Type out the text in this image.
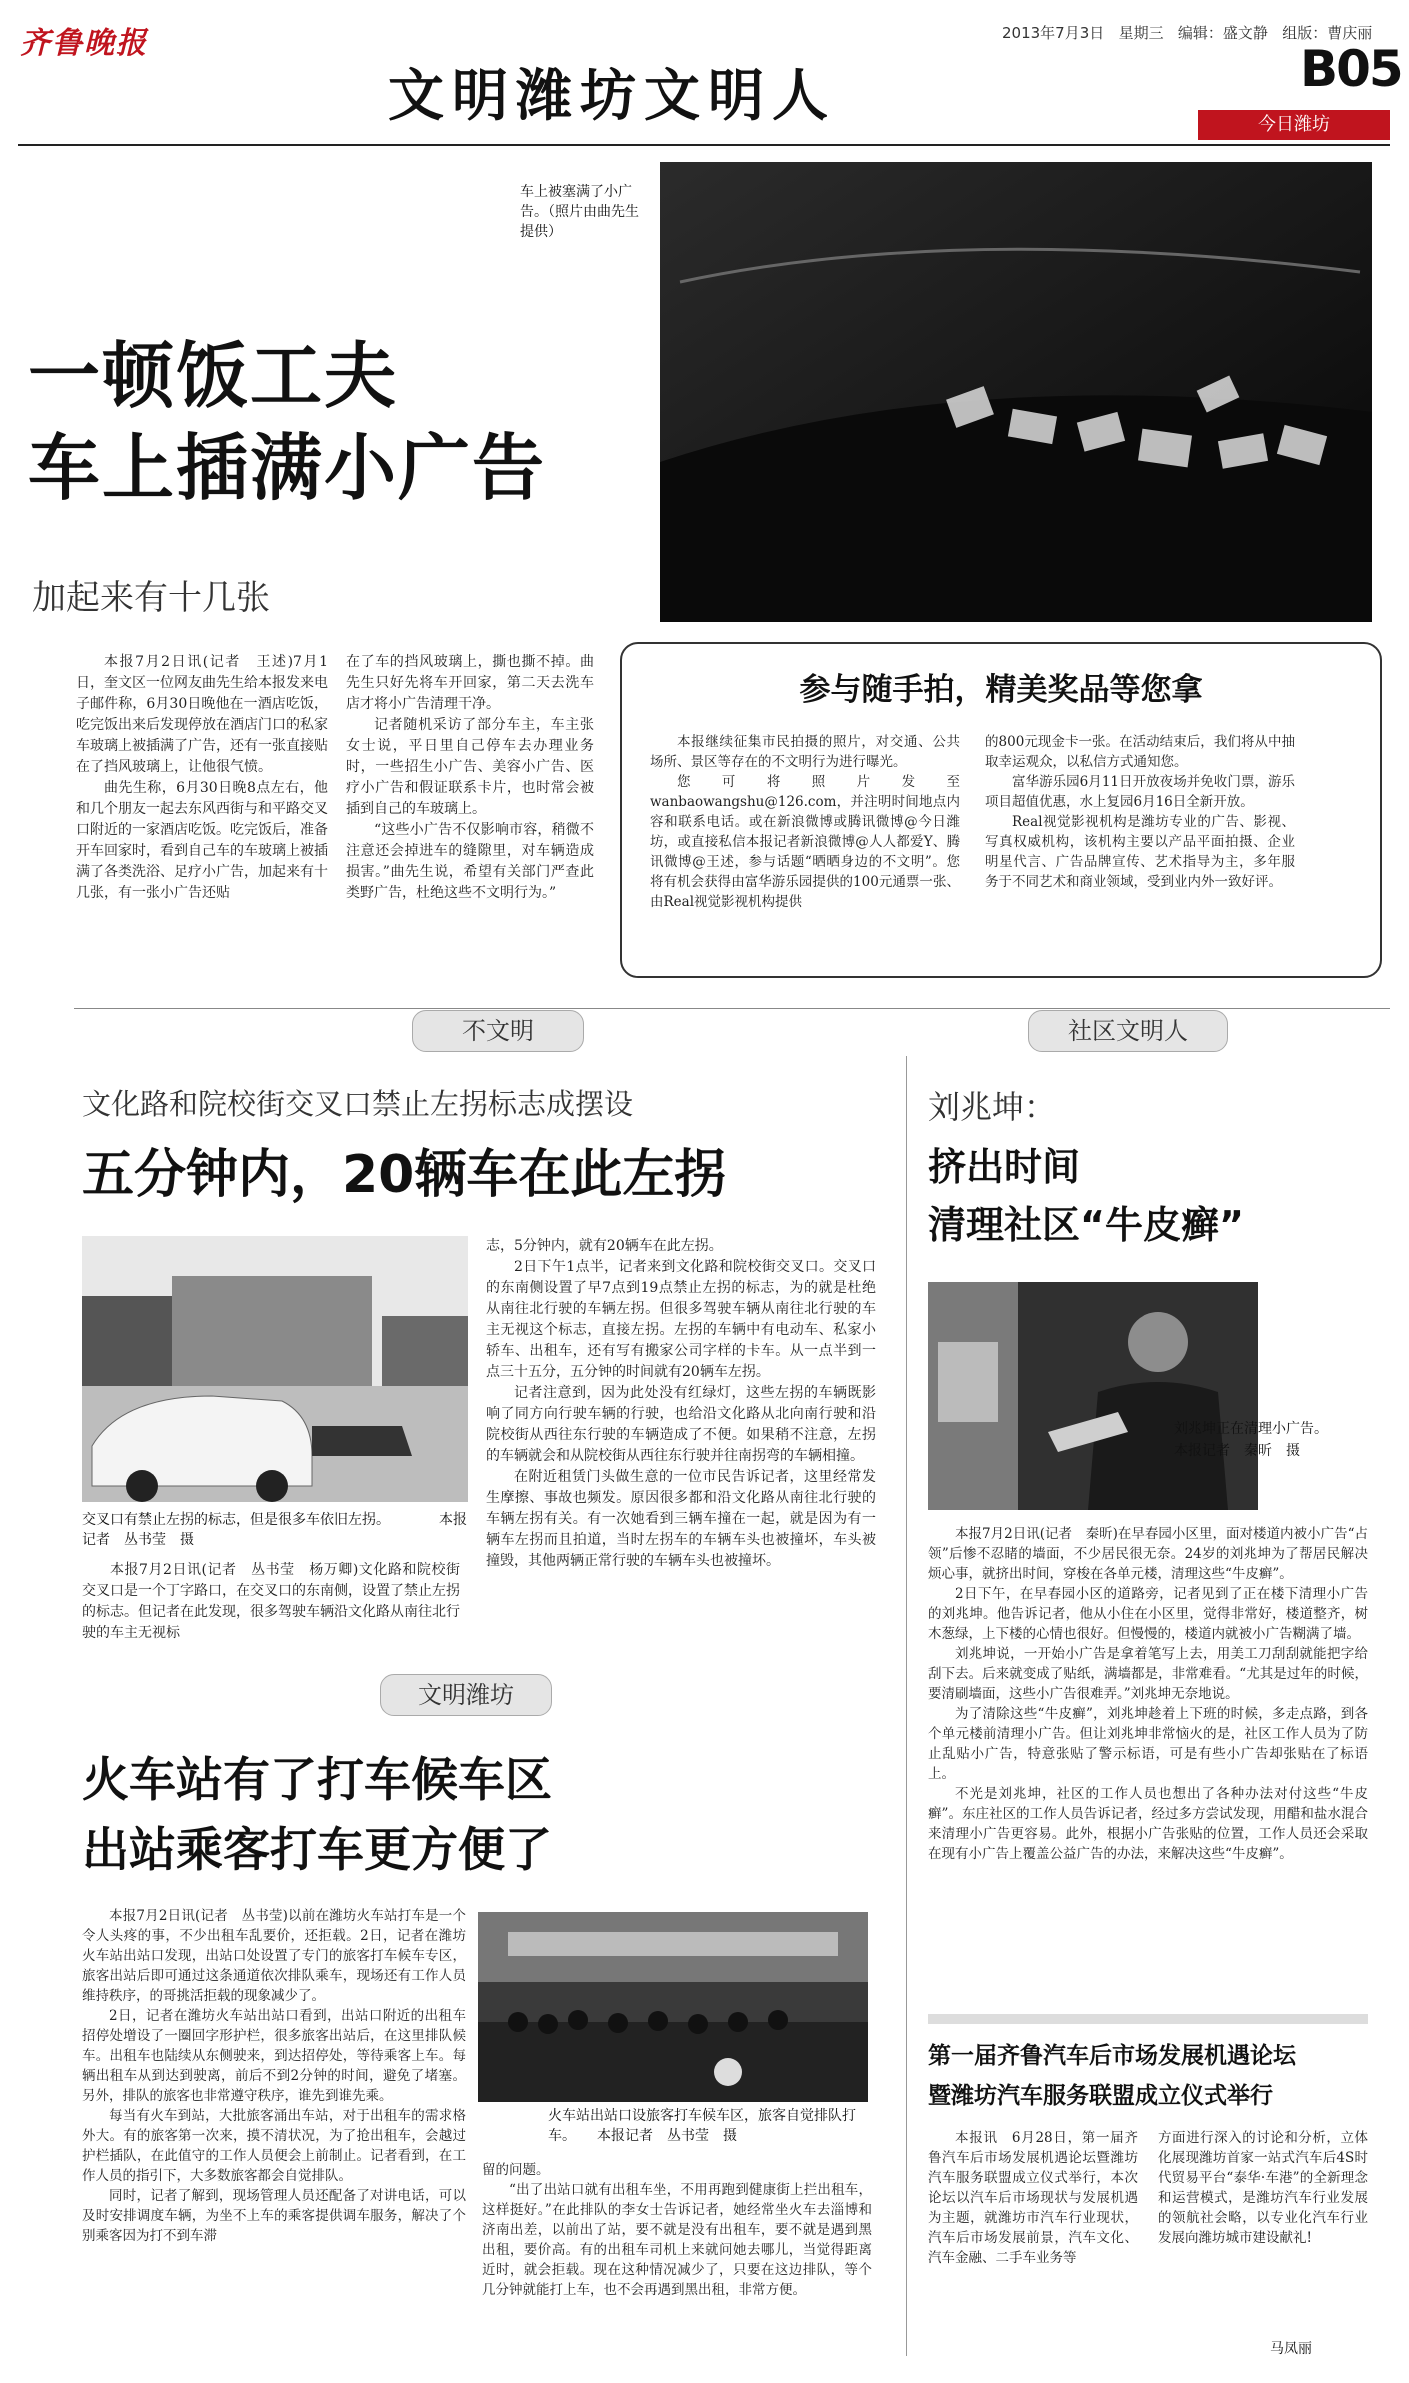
齐鲁晚报
文明潍坊文明人
2013年7月3日 星期三 编辑：盛文静 组版：曹庆丽
B05
今日潍坊
车上被塞满了小广告。（照片由曲先生提供）
一顿饭工夫
车上插满小广告
加起来有十几张

本报7月2日讯(记者　王述)7月1日，奎文区一位网友曲先生给本报发来电子邮件称，6月30日晚他在一酒店吃饭，吃完饭出来后发现停放在酒店门口的私家车玻璃上被插满了广告，还有一张直接贴在了挡风玻璃上，让他很气愤。

曲先生称，6月30日晚8点左右，他和几个朋友一起去东风西街与和平路交叉口附近的一家酒店吃饭。吃完饭后，准备开车回家时，看到自己车的车玻璃上被插满了各类洗浴、足疗小广告，加起来有十几张，有一张小广告还贴

在了车的挡风玻璃上，撕也撕不掉。曲先生只好先将车开回家，第二天去洗车店才将小广告清理干净。

记者随机采访了部分车主，车主张女士说，平日里自己停车去办理业务时，一些招生小广告、美容小广告、医疗小广告和假证联系卡片，也时常会被插到自己的车玻璃上。

“这些小广告不仅影响市容，稍微不注意还会掉进车的缝隙里，对车辆造成损害。”曲先生说，希望有关部门严查此类野广告，杜绝这些不文明行为。”

参与随手拍，精美奖品等您拿

本报继续征集市民拍摄的照片，对交通、公共场所、景区等存在的不文明行为进行曝光。

您可将照片发至wanbaowangshu@126.com，并注明时间地点内容和联系电话。或在新浪微博或腾讯微博@今日潍坊，或直接私信本报记者新浪微博@人人都爱Y、腾讯微博@王述，参与话题“晒晒身边的不文明”。您将有机会获得由富华游乐园提供的100元通票一张、由Real视觉影视机构提供

的800元现金卡一张。在活动结束后，我们将从中抽取幸运观众，以私信方式通知您。

富华游乐园6月11日开放夜场并免收门票，游乐项目超值优惠，水上复园6月16日全新开放。

Real视觉影视机构是潍坊专业的广告、影视、写真权威机构，该机构主要以产品平面拍摄、企业明星代言、广告品牌宣传、艺术指导为主，多年服务于不同艺术和商业领域，受到业内外一致好评。

不文明	社区文明人
文化路和院校街交叉口禁止左拐标志成摆设
五分钟内，20辆车在此左拐
交叉口有禁止左拐的标志，但是很多车依旧左拐。　　　　本报记者　丛书莹　摄

本报7月2日讯(记者　丛书莹　杨万卿)文化路和院校街交叉口是一个丁字路口，在交叉口的东南侧，设置了禁止左拐的标志。但记者在此发现，很多驾驶车辆沿文化路从南往北行驶的车主无视标

志，5分钟内，就有20辆车在此左拐。

2日下午1点半，记者来到文化路和院校街交叉口。交叉口的东南侧设置了早7点到19点禁止左拐的标志，为的就是杜绝从南往北行驶的车辆左拐。但很多驾驶车辆从南往北行驶的车主无视这个标志，直接左拐。左拐的车辆中有电动车、私家小轿车、出租车，还有写有搬家公司字样的卡车。从一点半到一点三十五分，五分钟的时间就有20辆车左拐。

记者注意到，因为此处没有红绿灯，这些左拐的车辆既影响了同方向行驶车辆的行驶，也给沿文化路从北向南行驶和沿院校街从西往东行驶的车辆造成了不便。如果稍不注意，左拐的车辆就会和从院校街从西往东行驶并往南拐弯的车辆相撞。

在附近租赁门头做生意的一位市民告诉记者，这里经常发生摩擦、事故也频发。原因很多都和沿文化路从南往北行驶的车辆左拐有关。有一次她看到三辆车撞在一起，就是因为有一辆车左拐而且拍道，当时左拐车的车辆车头也被撞坏，车头被撞毁，其他两辆正常行驶的车辆车头也被撞坏。

文明潍坊
火车站有了打车候车区
出站乘客打车更方便了

本报7月2日讯(记者　丛书莹)以前在潍坊火车站打车是一个令人头疼的事，不少出租车乱要价，还拒载。2日，记者在潍坊火车站出站口发现，出站口处设置了专门的旅客打车候车专区，旅客出站后即可通过这条通道依次排队乘车，现场还有工作人员维持秩序，的哥挑活拒载的现象减少了。

2日，记者在潍坊火车站出站口看到，出站口附近的出租车招停处增设了一圈回字形护栏，很多旅客出站后，在这里排队候车。出租车也陆续从东侧驶来，到达招停处，等待乘客上车。每辆出租车从到达到驶离，前后不到2分钟的时间，避免了堵塞。另外，排队的旅客也非常遵守秩序，谁先到谁先乘。

每当有火车到站，大批旅客涌出车站，对于出租车的需求格外大。有的旅客第一次来，摸不清状况，为了抢出租车，会越过护栏插队，在此值守的工作人员便会上前制止。记者看到，在工作人员的指引下，大多数旅客都会自觉排队。

同时，记者了解到，现场管理人员还配备了对讲电话，可以及时安排调度车辆，为坐不上车的乘客提供调车服务，解决了个别乘客因为打不到车滞

火车站出站口设旅客打车候车区，旅客自觉排队打车。　　本报记者　丛书莹　摄

留的问题。

“出了出站口就有出租车坐，不用再跑到健康街上拦出租车，这样挺好。”在此排队的李女士告诉记者，她经常坐火车去淄博和济南出差，以前出了站，要不就是没有出租车，要不就是遇到黑出租，要价高。有的出租车司机上来就问她去哪儿，当觉得距离近时，就会拒载。现在这种情况减少了，只要在这边排队，等个几分钟就能打上车，也不会再遇到黑出租，非常方便。

刘兆坤：
挤出时间
清理社区“牛皮癣”
刘兆坤正在清理小广告。　　本报记者　秦昕　摄

本报7月2日讯(记者　秦昕)在早春园小区里，面对楼道内被小广告“占领”后惨不忍睹的墙面，不少居民很无奈。24岁的刘兆坤为了帮居民解决烦心事，就挤出时间，穿梭在各单元楼，清理这些“牛皮癣”。

2日下午，在早春园小区的道路旁，记者见到了正在楼下清理小广告的刘兆坤。他告诉记者，他从小住在小区里，觉得非常好，楼道整齐，树木葱绿，上下楼的心情也很好。但慢慢的，楼道内就被小广告糊满了墙。

刘兆坤说，一开始小广告是拿着笔写上去，用美工刀刮刮就能把字给刮下去。后来就变成了贴纸，满墙都是，非常难看。“尤其是过年的时候，要清刷墙面，这些小广告很难弄。”刘兆坤无奈地说。

为了清除这些“牛皮癣”，刘兆坤趁着上下班的时候，多走点路，到各个单元楼前清理小广告。但让刘兆坤非常恼火的是，社区工作人员为了防止乱贴小广告，特意张贴了警示标语，可是有些小广告却张贴在了标语上。

不光是刘兆坤，社区的工作人员也想出了各种办法对付这些“牛皮癣”。东庄社区的工作人员告诉记者，经过多方尝试发现，用醋和盐水混合来清理小广告更容易。此外，根据小广告张贴的位置，工作人员还会采取在现有小广告上覆盖公益广告的办法，来解决这些“牛皮癣”。

第一届齐鲁汽车后市场发展机遇论坛
暨潍坊汽车服务联盟成立仪式举行

本报讯　6月28日，第一届齐鲁汽车后市场发展机遇论坛暨潍坊汽车服务联盟成立仪式举行，本次论坛以汽车后市场现状与发展机遇为主题，就潍坊市汽车行业现状，汽车后市场发展前景，汽车文化、汽车金融、二手车业务等

方面进行深入的讨论和分析，立体化展现潍坊首家一站式汽车后4S时代贸易平台“泰华·车港”的全新理念和运营模式，是潍坊汽车行业发展的领航社会略，以专业化汽车行业发展向潍坊城市建设献礼!

马凤丽
